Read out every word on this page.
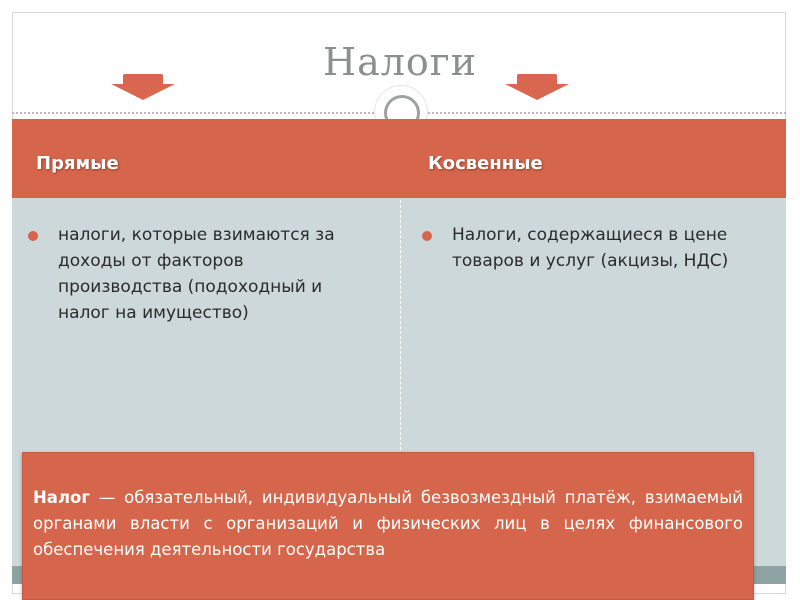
Налоги
Прямые	Косвенные
налоги, которые взимаются за доходы от факторов производства (подоходный и налог на имущество)
Налоги, содержащиеся в цене товаров и услуг (акцизы, НДС)

Налог — обязательный, индивидуальный безвозмездный платёж, взимаемый органами власти с организаций и физических лиц в целях финансового обеспечения деятельности государства
